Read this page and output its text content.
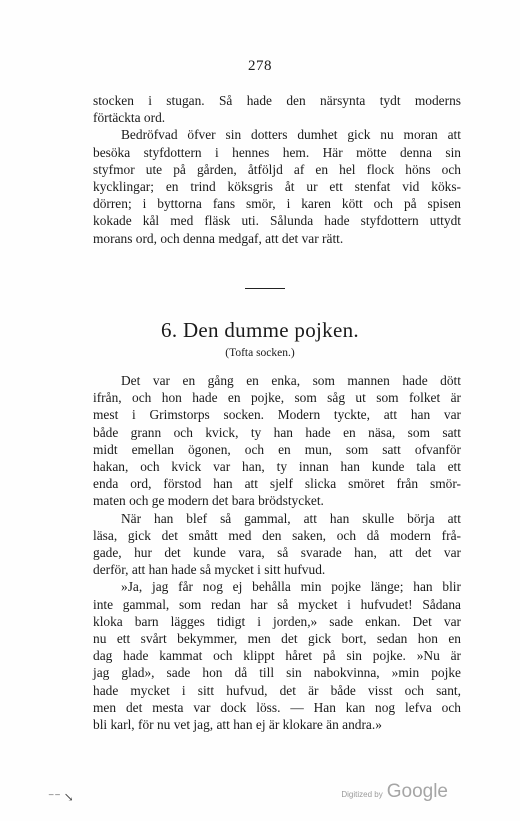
278

stocken i stugan. Så hade den närsynta tydt moderns
förtäckta ord.

Bedröfvad öfver sin dotters dumhet gick nu moran att
besöka styfdottern i hennes hem. Här mötte denna sin
styfmor ute på gården, åtföljd af en hel flock höns och
kycklingar; en trind köksgris åt ur ett stenfat vid köks-
dörren; i byttorna fans smör, i karen kött och på spisen
kokade kål med fläsk uti. Sålunda hade styfdottern uttydt
morans ord, och denna medgaf, att det var rätt.

6. Den dumme pojken.
(Tofta socken.)

Det var en gång en enka, som mannen hade dött
ifrån, och hon hade en pojke, som såg ut som folket är
mest i Grimstorps socken. Modern tyckte, att han var
både grann och kvick, ty han hade en näsa, som satt
midt emellan ögonen, och en mun, som satt ofvanför
hakan, och kvick var han, ty innan han kunde tala ett
enda ord, förstod han att sjelf slicka smöret från smör-
maten och ge modern det bara brödstycket.

När han blef så gammal, att han skulle börja att
läsa, gick det smått med den saken, och då modern frå-
gade, hur det kunde vara, så svarade han, att det var
derför, att han hade så mycket i sitt hufvud.

»Ja, jag får nog ej behålla min pojke länge; han blir
inte gammal, som redan har så mycket i hufvudet! Sådana
kloka barn lägges tidigt i jorden,» sade enkan. Det var
nu ett svårt bekymmer, men det gick bort, sedan hon en
dag hade kammat och klippt håret på sin pojke. »Nu är
jag glad», sade hon då till sin nabokvinna, »min pojke
hade mycket i sitt hufvud, det är både visst och sant,
men det mesta var dock löss. — Han kan nog lefva och
bli karl, för nu vet jag, att han ej är klokare än andra.»

⁻⁻ ↘	Digitized by Google
